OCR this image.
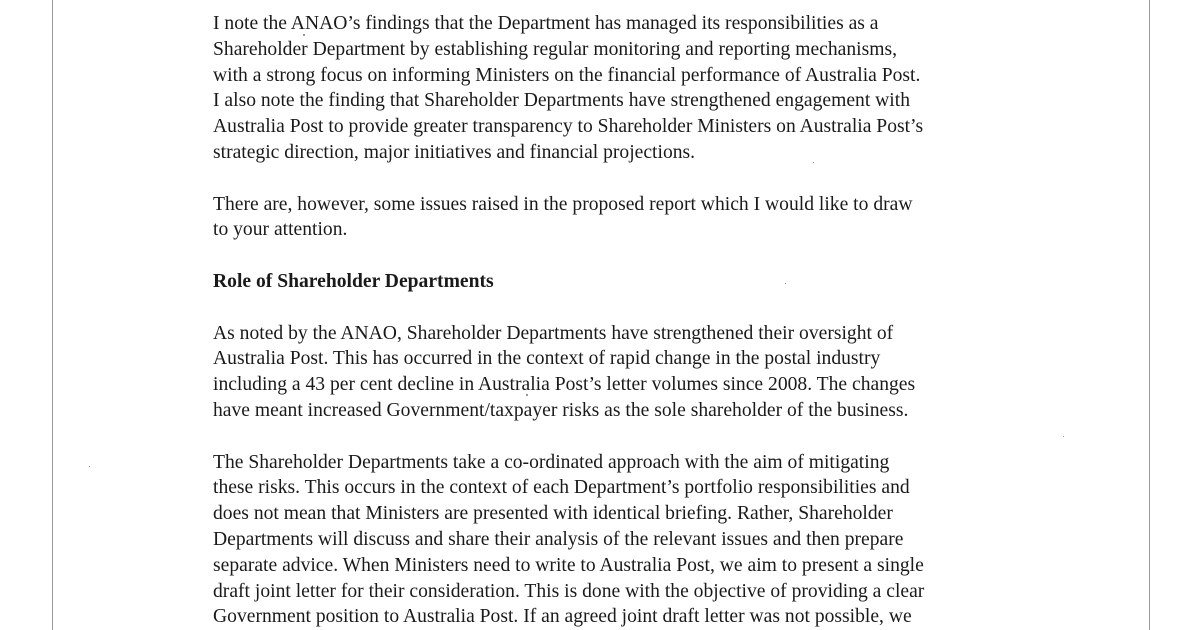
I note the ANAO’s findings that the Department has managed its responsibilities as a

Shareholder Department by establishing regular monitoring and reporting mechanisms,

with a strong focus on informing Ministers on the financial performance of Australia Post.

I also note the finding that Shareholder Departments have strengthened engagement with

Australia Post to provide greater transparency to Shareholder Ministers on Australia Post’s

strategic direction, major initiatives and financial projections.

There are, however, some issues raised in the proposed report which I would like to draw

to your attention.

Role of Shareholder Departments

As noted by the ANAO, Shareholder Departments have strengthened their oversight of

Australia Post. This has occurred in the context of rapid change in the postal industry

including a 43 per cent decline in Australia Post’s letter volumes since 2008. The changes

have meant increased Government/taxpayer risks as the sole shareholder of the business.

The Shareholder Departments take a co-ordinated approach with the aim of mitigating

these risks. This occurs in the context of each Department’s portfolio responsibilities and

does not mean that Ministers are presented with identical briefing. Rather, Shareholder

Departments will discuss and share their analysis of the relevant issues and then prepare

separate advice. When Ministers need to write to Australia Post, we aim to present a single

draft joint letter for their consideration. This is done with the objective of providing a clear

Government position to Australia Post. If an agreed joint draft letter was not possible, we
